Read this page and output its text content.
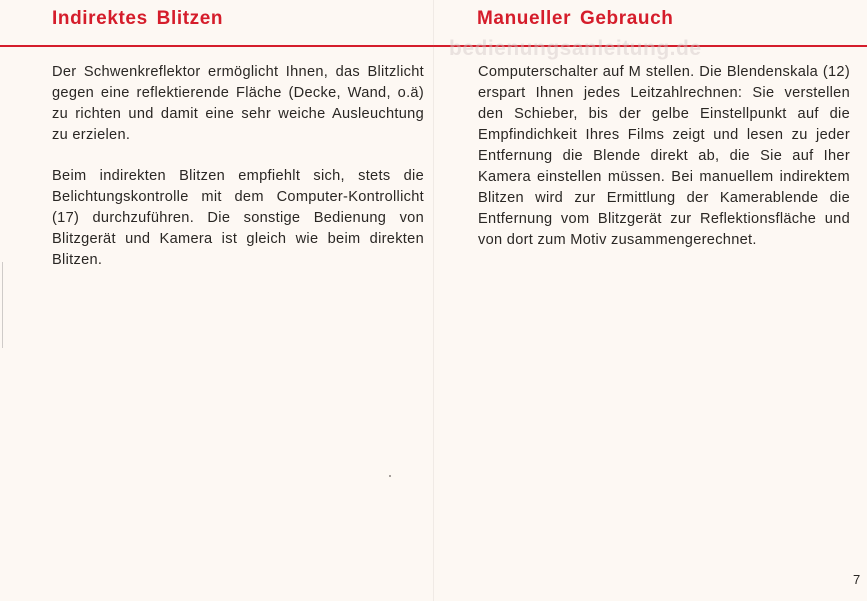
Indirektes Blitzen

Der Schwenkreflektor ermöglicht Ihnen, das Blitzlicht gegen eine reflektierende Fläche (Decke, Wand, o.ä) zu richten und damit eine sehr weiche Ausleuchtung zu erzielen.

Beim indirekten Blitzen empfiehlt sich, stets die Belichtungskontrolle mit dem Computer-Kontrollicht (17) durchzuführen. Die sonstige Bedienung von Blitzgerät und Kamera ist gleich wie beim direkten Blitzen.

Manueller Gebrauch

Computerschalter auf M stellen. Die Blendenskala (12) erspart Ihnen jedes Leitzahlrechnen: Sie verstellen den Schieber, bis der gelbe Einstellpunkt auf die Empfindichkeit Ihres Films zeigt und lesen zu jeder Entfernung die Blende direkt ab, die Sie auf Iher Kamera einstellen müssen. Bei manuellem indirektem Blitzen wird zur Ermittlung der Kamerablende die Entfernung vom Blitzgerät zur Reflektionsfläche und von dort zum Motiv zusammengerechnet.

bedienungsanleitung.de
7
